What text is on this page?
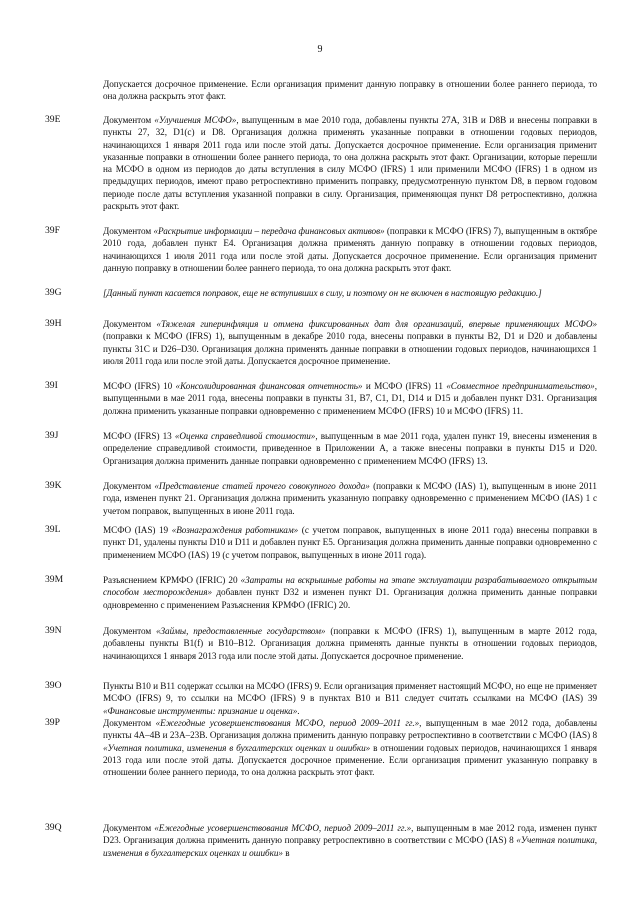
9
Допускается досрочное применение. Если организация применит данную поправку в отношении более раннего периода, то она должна раскрыть этот факт.
39E	Документом «Улучшения МСФО», выпущенным в мае 2010 года, добавлены пункты 27А, 31В и D8В и внесены поправки в пункты 27, 32, D1(с) и D8. Организация должна применять указанные поправки в отношении годовых периодов, начинающихся 1 января 2011 года или после этой даты. Допускается досрочное применение. Если организация применит указанные поправки в отношении более раннего периода, то она должна раскрыть этот факт. Организации, которые перешли на МСФО в одном из периодов до даты вступления в силу МСФО (IFRS) 1 или применили МСФО (IFRS) 1 в одном из предыдущих периодов, имеют право ретроспективно применить поправку, предусмотренную пунктом D8, в первом годовом периоде после даты вступления указанной поправки в силу. Организация, применяющая пункт D8 ретроспективно, должна раскрыть этот факт.
39F	Документом «Раскрытие информации – передача финансовых активов» (поправки к МСФО (IFRS) 7), выпущенным в октябре 2010 года, добавлен пункт Е4. Организация должна применять данную поправку в отношении годовых периодов, начинающихся 1 июля 2011 года или после этой даты. Допускается досрочное применение. Если организация применит данную поправку в отношении более раннего периода, то она должна раскрыть этот факт.
39G	[Данный пункт касается поправок, еще не вступивших в силу, и поэтому он не включен в настоящую редакцию.]
39H	Документом «Тяжелая гиперинфляция и отмена фиксированных дат для организаций, впервые применяющих МСФО» (поправки к МСФО (IFRS) 1), выпущенным в декабре 2010 года, внесены поправки в пункты В2, D1 и D20 и добавлены пункты 31С и D26–D30. Организация должна применять данные поправки в отношении годовых периодов, начинающихся 1 июля 2011 года или после этой даты. Допускается досрочное применение.
39I	МСФО (IFRS) 10 «Консолидированная финансовая отчетность» и МСФО (IFRS) 11 «Совместное предпринимательство», выпущенными в мае 2011 года, внесены поправки в пункты 31, В7, С1, D1, D14 и D15 и добавлен пункт D31. Организация должна применить указанные поправки одновременно с применением МСФО (IFRS) 10 и МСФО (IFRS) 11.
39J	МСФО (IFRS) 13 «Оценка справедливой стоимости», выпущенным в мае 2011 года, удален пункт 19, внесены изменения в определение справедливой стоимости, приведенное в Приложении А, а также внесены поправки в пункты D15 и D20. Организация должна применить данные поправки одновременно с применением МСФО (IFRS) 13.
39K	Документом «Представление статей прочего совокупного дохода» (поправки к МСФО (IAS) 1), выпущенным в июне 2011 года, изменен пункт 21. Организация должна применить указанную поправку одновременно с применением МСФО (IAS) 1 с учетом поправок, выпущенных в июне 2011 года.
39L	МСФО (IAS) 19 «Вознаграждения работникам» (с учетом поправок, выпущенных в июне 2011 года) внесены поправки в пункт D1, удалены пункты D10 и D11 и добавлен пункт Е5. Организация должна применить данные поправки одновременно с применением МСФО (IAS) 19 (с учетом поправок, выпущенных в июне 2011 года).
39M	Разъяснением КРМФО (IFRIC) 20 «Затраты на вскрышные работы на этапе эксплуатации разрабатываемого открытым способом месторождения» добавлен пункт D32 и изменен пункт D1. Организация должна применить данные поправки одновременно с применением Разъяснения КРМФО (IFRIC) 20.
39N	Документом «Займы, предоставленные государством» (поправки к МСФО (IFRS) 1), выпущенным в марте 2012 года, добавлены пункты В1(f) и В10–В12. Организация должна применять данные пункты в отношении годовых периодов, начинающихся 1 января 2013 года или после этой даты. Допускается досрочное применение.
39O	Пункты В10 и В11 содержат ссылки на МСФО (IFRS) 9. Если организация применяет настоящий МСФО, но еще не применяет МСФО (IFRS) 9, то ссылки на МСФО (IFRS) 9 в пунктах В10 и В11 следует считать ссылками на МСФО (IAS) 39 «Финансовые инструменты: признание и оценка».
39P	Документом «Ежегодные усовершенствования МСФО, период 2009–2011 гг.», выпущенным в мае 2012 года, добавлены пункты 4А–4В и 23А–23В. Организация должна применить данную поправку ретроспективно в соответствии с МСФО (IAS) 8 «Учетная политика, изменения в бухгалтерских оценках и ошибки» в отношении годовых периодов, начинающихся 1 января 2013 года или после этой даты. Допускается досрочное применение. Если организация применит указанную поправку в отношении более раннего периода, то она должна раскрыть этот факт.
39Q	Документом «Ежегодные усовершенствования МСФО, период 2009–2011 гг.», выпущенным в мае 2012 года, изменен пункт D23. Организация должна применить данную поправку ретроспективно в соответствии с МСФО (IAS) 8 «Учетная политика, изменения в бухгалтерских оценках и ошибки» в
